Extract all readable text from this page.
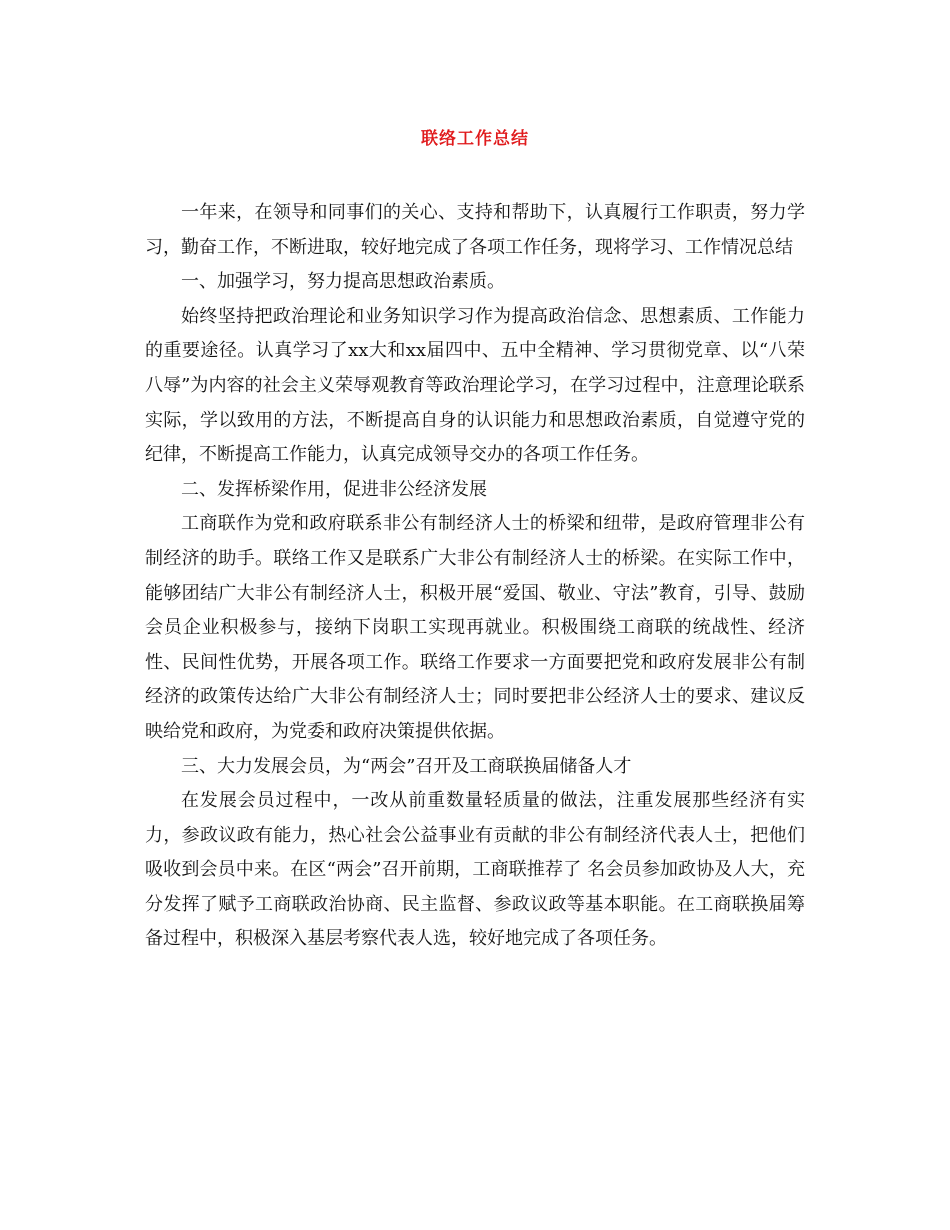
联络工作总结

一年来，在领导和同事们的关心、支持和帮助下，认真履行工作职责，努力学习，勤奋工作，不断进取，较好地完成了各项工作任务，现将学习、工作情况总结

一、加强学习，努力提高思想政治素质。

始终坚持把政治理论和业务知识学习作为提高政治信念、思想素质、工作能力的重要途径。认真学习了xx大和xx届四中、五中全精神、学习贯彻党章、以“八荣八辱”为内容的社会主义荣辱观教育等政治理论学习，在学习过程中，注意理论联系实际，学以致用的方法，不断提高自身的认识能力和思想政治素质，自觉遵守党的纪律，不断提高工作能力，认真完成领导交办的各项工作任务。

二、发挥桥梁作用，促进非公经济发展

工商联作为党和政府联系非公有制经济人士的桥梁和纽带，是政府管理非公有制经济的助手。联络工作又是联系广大非公有制经济人士的桥梁。在实际工作中，能够团结广大非公有制经济人士，积极开展“爱国、敬业、守法”教育，引导、鼓励会员企业积极参与，接纳下岗职工实现再就业。积极围绕工商联的统战性、经济性、民间性优势，开展各项工作。联络工作要求一方面要把党和政府发展非公有制经济的政策传达给广大非公有制经济人士；同时要把非公经济人士的要求、建议反映给党和政府，为党委和政府决策提供依据。

三、大力发展会员，为“两会”召开及工商联换届储备人才

在发展会员过程中，一改从前重数量轻质量的做法，注重发展那些经济有实力，参政议政有能力，热心社会公益事业有贡献的非公有制经济代表人士，把他们吸收到会员中来。在区“两会”召开前期，工商联推荐了 名会员参加政协及人大，充分发挥了赋予工商联政治协商、民主监督、参政议政等基本职能。在工商联换届筹备过程中，积极深入基层考察代表人选，较好地完成了各项任务。
